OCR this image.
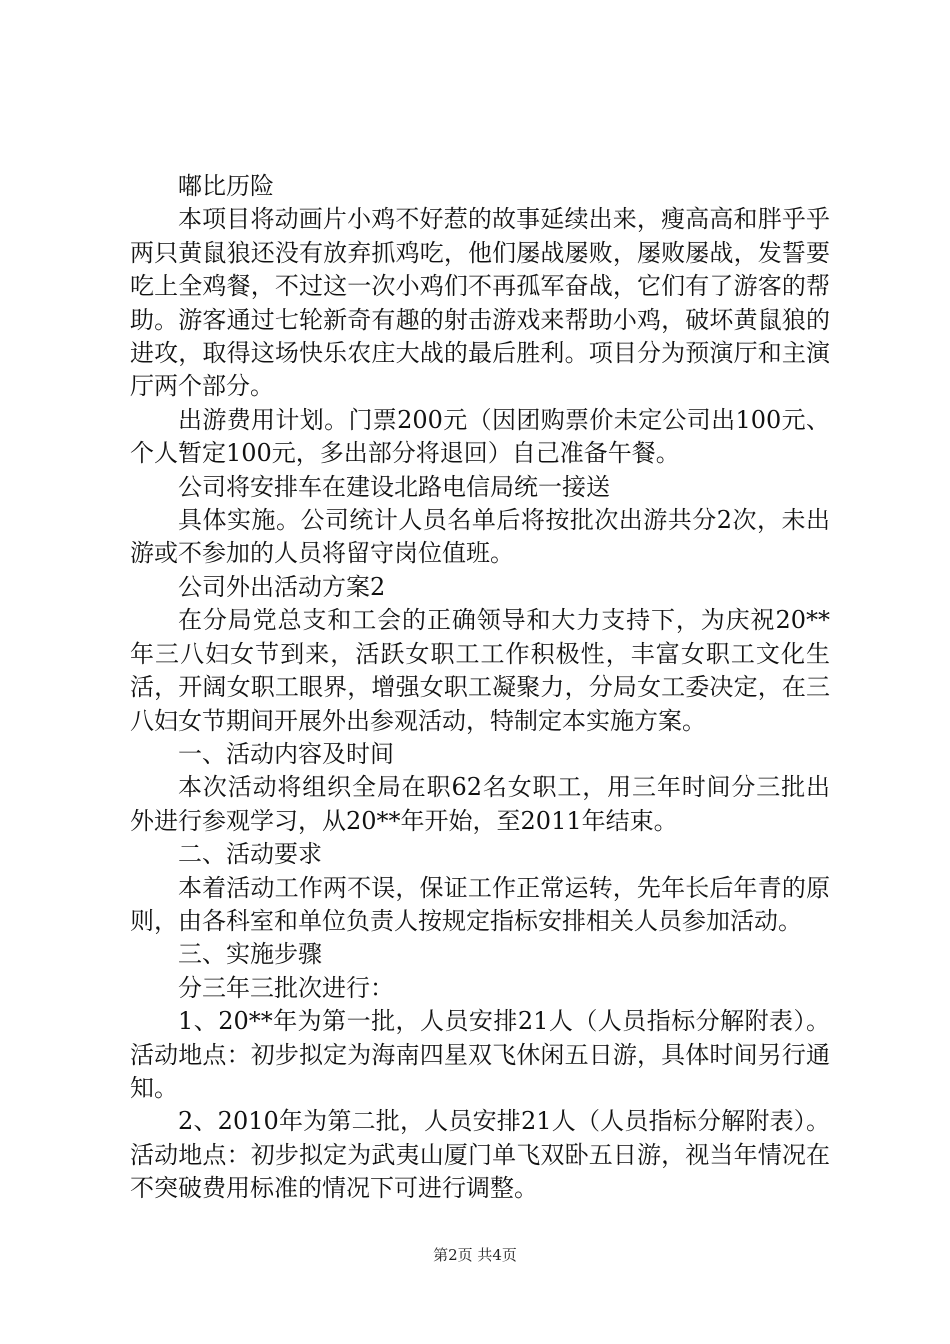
嘟比历险

本项目将动画片小鸡不好惹的故事延续出来，瘦高高和胖乎乎两只黄鼠狼还没有放弃抓鸡吃，他们屡战屡败，屡败屡战，发誓要吃上全鸡餐，不过这一次小鸡们不再孤军奋战，它们有了游客的帮助。游客通过七轮新奇有趣的射击游戏来帮助小鸡，破坏黄鼠狼的进攻，取得这场快乐农庄大战的最后胜利。项目分为预演厅和主演厅两个部分。

出游费用计划。门票200元（因团购票价未定公司出100元、个人暂定100元，多出部分将退回）自己准备午餐。

公司将安排车在建设北路电信局统一接送

具体实施。公司统计人员名单后将按批次出游共分2次，未出游或不参加的人员将留守岗位值班。

公司外出活动方案2

在分局党总支和工会的正确领导和大力支持下，为庆祝20**年三八妇女节到来，活跃女职工工作积极性，丰富女职工文化生活，开阔女职工眼界，增强女职工凝聚力，分局女工委决定，在三八妇女节期间开展外出参观活动，特制定本实施方案。

一、活动内容及时间

本次活动将组织全局在职62名女职工，用三年时间分三批出外进行参观学习，从20**年开始，至2011年结束。

二、活动要求

本着活动工作两不误，保证工作正常运转，先年长后年青的原则，由各科室和单位负责人按规定指标安排相关人员参加活动。

三、实施步骤

分三年三批次进行：

1、20**年为第一批，人员安排21人（人员指标分解附表）。活动地点：初步拟定为海南四星双飞休闲五日游，具体时间另行通知。

2、2010年为第二批，人员安排21人（人员指标分解附表）。活动地点：初步拟定为武夷山厦门单飞双卧五日游，视当年情况在不突破费用标准的情况下可进行调整。

第2页 共4页
